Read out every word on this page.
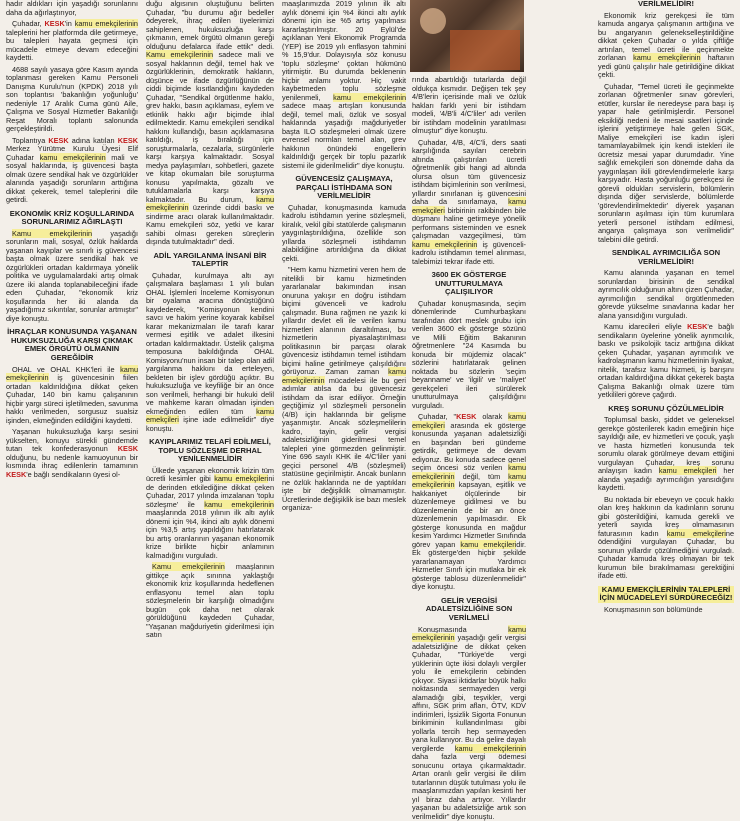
hadır aldıkları için yaşadığı sorunlarını daha da ağırlaştırıyor,

Çuhadar, KESK'in kamu emekçilerinin taleplerini her platformda dile getirmeye, bu talepleri hayata geçmesi için mücadele etmeye devam edeceğini kaydetti.

4688 sayılı yasaya göre Kasım ayında toplanması gereken Kamu Personeli Danışma Kurulu'nun (KPDK) 2018 yılı son toplantısı 'bakanlığın yoğunluğu' nedeniyle 17 Aralık Cuma günü Aile, Çalışma ve Sosyal Hizmetler Bakanlığı Reşat Moralı toplantı salonunda gerçekleştirildi.

Toplantıya KESK adına katılan KESK Merkez Yürütme Kurulu Üyesi Elif Çuhadar kamu emekçilerinin mali ve sosyal haklarında, iş güvencesi başta olmak üzere sendikal hak ve özgürlükler alanında yaşadığı sorunların arttığına dikkat çekerek, temel taleplerini dile getirdi.

EKONOMİK KRİZ KOŞULLARINDA SORUNLARIMIZ AĞIRLAŞTI

Kamu emekçilerinin yaşadığı sorunların mali, sosyal, özlük haklarda yaşanan kayıplar ve sınırlı iş güvencesi başta olmak üzere sendikal hak ve özgürlükleri ortadan kaldırmaya yönelik politika ve uygulamalardaki artış olmak üzere iki alanda toplanabileceğini ifade eden Çuhadar, "ekonomik kriz koşullarında her iki alanda da yaşadığımız sıkıntılar, sorunlar artmıştır" diye konuştu.

İHRAÇLAR KONUSUNDA YAŞANAN HUKUKSUZLUĞA KARŞI ÇIKMAK EMEK ÖRGÜTÜ OLMANIN GEREĞİDİR

OHAL ve OHAL KHK'leri ile kamu emekçilerinin iş güvencesinin fiilen ortadan kaldırıldığına dikkat çeken Çuhadar, 140 bin kamu çalışanının hiçbir yargı süreci işletilmeden, savunma hakkı verilmeden, sorgusuz sualsiz işinden, ekmeğinden edildiğini kaydetti.

Yaşanan hukuksuzluğa karşı sesini yükselten, konuyu sürekli gündemde tutan tek konfederasyonun KESK olduğunu, bu nedenle kamuoyunun bir kısmında ihraç edilenlerin tamamının KESK'e bağlı sendikaların üyesi ol-

duğu algısının oluştuğunu belirten Çuhadar, "bu durumu ağır bedeller ödeyerek, ihraç edilen üyelerimizi sahiplenen, hukuksuzluğa karşı çıkmanın, emek örgütü olmanın gereği olduğunu defalarca ifade ettik" dedi. Kamu emekçilerinin sadece mali ve sosyal haklarının değil, temel hak ve özgürlüklerinin, demokratik hakların, düşünce ve ifade özgürlüğünün de ciddi biçimde kısıtlandığını kaydeden Çuhadar, "Sendikal örgütlenme hakkı, grev hakkı, basın açıklaması, eylem ve etkinlik hakkı ağır biçimde ihlal edilmektedir. Kamu emekçileri sendikal hakkını kullandığı, basın açıklamasına katıldığı, iş bıraktığı için soruşturmalarla, cezalarla, sürgünlerle karşı karşıya kalmaktadır. Sosyal medya paylaşımları, sohbetleri, gazete ve kitap okumaları bile soruşturma konusu yapılmakta, gözaltı ve tutuklamalarla karşı karşıya kalmaktadır. Bu durum, kamu emekçilerinin üzerinde ciddi baskı ve sindirme aracı olarak kullanılmaktadır. Kamu emekçileri söz, yetki ve karar sahibi olması gereken süreçlerin dışında tutulmaktadır" dedi.

ADİL YARGILANMA İNSANİ BİR TALEPTİR

Çuhadar, kurulmaya altı ayı çalışmalara başlaması 1 yılı bulan OHAL İşlemleri İnceleme Komisyonun bir oyalama aracına dönüştüğünü kaydederek, "Komisyonun kendini savcı ve hakim yerine koyarak kabilsel karar mekanizmaları ile tarafı karar vermesi eşitlik ve adalet ilkesini ortadan kaldırmaktadır. Üstelik çalışma temposuna bakıldığında OHAL Komisyonu'nun insan bir talep olan adil yargılanma hakkını da erteleyen, bekleten bir işlev gördüğü açıktır. Bu hukuksuzluğa ve keyfiliğe bir an önce son verilmeli, herhangi bir hukuki delil ve mahkeme kararı olmadan işinden ekmeğinden edilen tüm kamu emekçileri işine iade edilmelidir" diye konuştu.

KAYIPLARIMIZ TELAFİ EDİLMELİ, TOPLU SÖZLEŞME DERHAL YENİLENMELİDİR

Ülkede yaşanan ekonomik krizin tüm ücretli kesimler gibi kamu emekçilerini de derinden etkilediğine dikkat çeken Çuhadar, 2017 yılında imzalanan 'toplu sözleşme' ile kamu emekçilerinin maaşlarında 2018 yılının ilk altı aylık dönemi için %4, ikinci altı aylık dönemi için %3,5 artış yapıldığını hatırlatarak bu artış oranlarının yaşanan ekonomik krize birlikte hiçbir anlamının kalmadığını vurguladı.

Kamu emekçilerinin maaşlarının gittikçe açık sınırına yaklaştığı ekonomik kriz koşullarında hedeflenen enflasyonu temel alan toplu sözleşmelerin bir karşılığı olmadığını bugün çok daha net olarak görüldüğünü kaydeden Çuhadar, "Yaşanan mağduriyetin giderilmesi için satın

maaşlarımızda 2019 yılının ilk altı aylık dönemi için %4 ikinci altı aylık dönemi için ise %5 artış yapılması kararlaştırılmıştır. 20 Eylül'de açıklanan Yeni Ekonomik Programda (YEP) ise 2019 yılı enflasyon tahmini % 15,9'dur. Dolayısıyla söz konusu 'toplu sözleşme' çoktan hükmünü yitirmiştir. Bu durumda beklenenin hiçbir anlamı yoktur. Hiç vakit kaybetmeden toplu sözleşme yenilenmeli, kamu emekçilerinin sadece maaş artışları konusunda değil, temel mali, özlük ve sosyal haklarında yaşadığı mağduriyetler başta ILO sözleşmeleri olmak üzere evrensel normları temel alan, grev hakkının önündeki engellerin kaldırıldığı gerçek bir toplu pazarlık sistemi ile giderilmelidir" diye konuştu.

GÜVENCESİZ ÇALIŞMAYA, PARÇALI İSTİHDAMA SON VERİLMELİDİR

Çuhadar, konuşmasında kamuda kadrolu istihdamın yerine sözleşmeli, kiralık, vekil gibi statülerde çalışmanın yaygınlaştırıldığına, özellikle son yıllarda sözleşmeli istihdamın alabildiğine artırıldığına da dikkat çekti.

"Hem kamu hizmetini veren hem de nitelikli bir kamu hizmetinden yararlanalar bakımından insan onuruna yakışır en doğru istihdam biçimi güvenceli ve kadrolu çalışmadır. Buna rağmen ne yazık ki yıllardır devlet eli ile verilen kamu hizmetleri alanının daraltılması, bu hizmetlerin piyasalaştırılması politikasının bir parçası olarak güvencesiz istihdamın temel istihdam biçimi haline getirilmeye çalışıldığını görüyoruz. Zaman zaman kamu emekçilerinin mücadelesi ile bu geri adımlar atılsa da bu güvencesiz istihdam da israr ediliyor. Örneğin geçtiğimiz yıl sözleşmeli personelin (4/B) için haklarında bir gelişme yaşanmıştır. Ancak sözleşmelilerin kadro, tayin, gelir vergisi adaletsizliğinin giderilmesi temel talepleri yine görmezden gelinmiştir. Yine 696 sayılı KHK ile 4/C'liler yani geçici personel 4/B (sözleşmeli) statüsüne geçirilmiştir. Ancak bunların ne özlük haklarında ne de yaptıkları işte bir değişiklik olmamamıştır. Ücretlerinde değişiklik ise bazı meslek organiza-

rında abartıldığı tutarlarda değil oldukça kısmıdır. Değişen tek şey 4/B'lerin içerisinde mali ve özlük hakları farklı yeni bir istihdam modeli, '4/B'li 4/C'liler' adı verilen bir istihdam modelinin yaratılması olmuştur" diye konuştu.

Çuhadar, 4/B, 4/C'li, ders saati karşılığında sayıları cerebrin altında çalıştırılan ücretli öğretmenlik gibi hangi ad altında olursa olsun tüm güvencesiz istihdam biçimlerinin son verilmesi, yıllardır sınırlanan iş güvencesini daha da sınırlamaya, kamu emekçileri birbirinin rakibinden bile düşmanı haline getirmeye yönelik performans sisteminden ve esnek çalışmadan vazgeçilmesi, tüm kamu emekçilerinin iş güvenceli-kadrolu istihdamın temel alınması, talebimizi tekrar ifade etti.

3600 EK GÖSTERGE UNUTTURULMAYA ÇALIŞILIYOR

Çuhadar konuşmasında, seçim dönemlerinde Cumhurbaşkanı tarafından dört meslek grubu için verilen 3600 ek gösterge sözünü ve Milli Eğitim Bakanının öğretmenlere "24 Kasımda bu konuda bir müjdemiz olacak" sözlerini hatırlatarak gelinen noktada bu sözlerin 'seçim beyanname' ve 'ilgili' ve 'maliyet' gerekçeleri ileri sürülerek unutturulmaya çalışıldığını vurguladı.

Çuhadar, "KESK olarak kamu emekçileri arasında ek gösterge konusunda yaşanan adaletsizliği en başından beri gündeme getirdik, getirmeye de devam ediyoruz. Bu konuda sadece genel seçim öncesi söz verilen kamu emekçilerinin değil, tüm kamu emekçilerinin kapsayan, eşitlik ve hakkaniyet ölçülerinde bir düzenlemeye gidilmesi ve bu düzenlemenin de bir an önce düzenlemenin yapılmasıdır. Ek gösterge konusunda en mağdur kesim Yardımcı Hizmetler Sınıfında görev yapan kamu emekçileridir. Ek gösterge'den hiçbir şekilde yararlanamayan Yardımcı Hizmetler Sınıfı için mutlaka bir ek gösterge tablosu düzenlenmelidir" diye konuştu.

GELİR VERGİSİ ADALETSİZLİĞİNE SON VERİLMELİ

Konuşmasında kamu emekçilerinin yaşadığı gelir vergisi adaletsizliğine de dikkat çeken Çuhadar, "Türkiye'de vergi yüklerinin üçte ikisi dolaylı vergiler yolu ile emekçilerin cebinden çıkıyor. Siyasi iktidarlar büyük halkı noktasında sermayeden vergi alamadığı gibi, teşvikler, vergi affını, SGK prim afları, ÖTV, KDV indirimleri, İşsizlik Sigorta Fonunun birikiminin kullandırılması gibi yollarla tercih hep sermayeden yana kullanıyor. Bu da gelire dayalı vergilerde kamu emekçilerinin daha fazla vergi ödemesi sonucunu ortaya çıkarmaktadır. Artan oranlı gelir vergisi ile dilim tutarlarının düşük tutulması yolu ile maaşlarımızdan yapılan kesinti her yıl biraz daha artıyor. Yıllardır yaşanan bu adaletsizliğe artık son verilmelidir" diye konuştu.

VERİLMELİDİR!

Ekonomik kriz gerekçesi ile tüm kamuda angarya çalışmanın arttığına ve bu angaryanın gelenekselleştirildiğine dikkat çeken Çuhadar o yılda çiftliğe artırılan, temel ücreti ile geçinmekte zorlanan kamu emekçilerinin haftanın yedi günü çalışılır hale getirildiğine dikkat çekti.

Çuhadar, "Temel ücreti ile geçinmekte zorlanan öğretmenler sınav görevleri, etütler, kurslar ile neredeyse para başı iş yapar hale getirilmişlerdir. Personel eksikliği nedeni ile mesai saatleri içinde işlerini yetiştirmeye hale gelen SGK, Maliye emekçileri ise kadın işleri tamamlayabilmek için kendi istekleri ile ücretsiz mesai yapar durumdadır. Yine sağlık emekçileri son dönemde daha da yaygınlaşan ikili görevlendirmelerle karşı karşıyadır. Hasta yoğunluğu gerekçesi ile görevli oldukları servislerin, bölümlerin dışında diğer servislerde, bölümlerde 'görevlendirilmektedir' diyerek yaşanan sorunların aşılması için tüm kurumlara yeterli personel istihdam edilmesi, angarya çalışmaya son verilmelidir" talebini dile getirdi.

SENDİKAL AYRIMCILIĞA SON VERİLMELİDİR!

Kamu alanında yaşanan en temel sorunlardan birisinin de sendikal ayrımcılık olduğunun altını çizen Çuhadar, ayrımcılığın sendikal örgütlenmeden görevde yükselme sınavlarına kadar her alana yansıdığını vurguladı.

Kamu idarecileri eliyle KESK'e bağlı sendikaların üyelerine yönelik ayrımcılık, baskı ve psikolojik taciz arttığına dikkat çeken Çuhadar, yaşanan ayrımcılık ve kadrolaşmanın kamu hizmetlerinin liyakat, nitelik, tarafsız kamu hizmeti, iş barışını ortadan kaldırdığına dikkat çekerek başta Çalışma Bakanlığı olmak üzere tüm yetkilileri göreve çağırdı.

KREŞ SORUNU ÇÖZÜLMELİDİR

Toplumsal baskı, şiddet ve geleneksel gerekçe gösterilerek kadın emeğinin hiçe sayıldığı aile, ev hizmetleri ve çocuk, yaşlı ve hasta hizmetleri konusunda tek sorumlu olarak görülmeye devam ettiğini vurgulayan Çuhadar, kreş sorunu anlayışın kadın kamu emekçileri her alanda yaşadığı ayrımcılığın yansıdığını kaydetti.

Bu noktada bir ebeveyn ve çocuk hakkı olan kreş hakkının da kadınların sorunu gibi gösterildiğini, kamuda gerekli ve yeterli sayıda kreş olmamasının faturasının kadın kamu emekçilerine ödendiğini vurgulayan Çuhadar, bu sorunun yıllardır çözülmediğini vurguladı. Çuhadar kamuda kreş olmayan bir tek kurumun bile bırakılmaması gerektiğini ifade etti.

KAMU EMEKÇİLERİNİN TALEPLERİ İÇİN MÜCADELEYİ SÜRDÜRECEĞİZ!

Konuşmasının son bölümünde
